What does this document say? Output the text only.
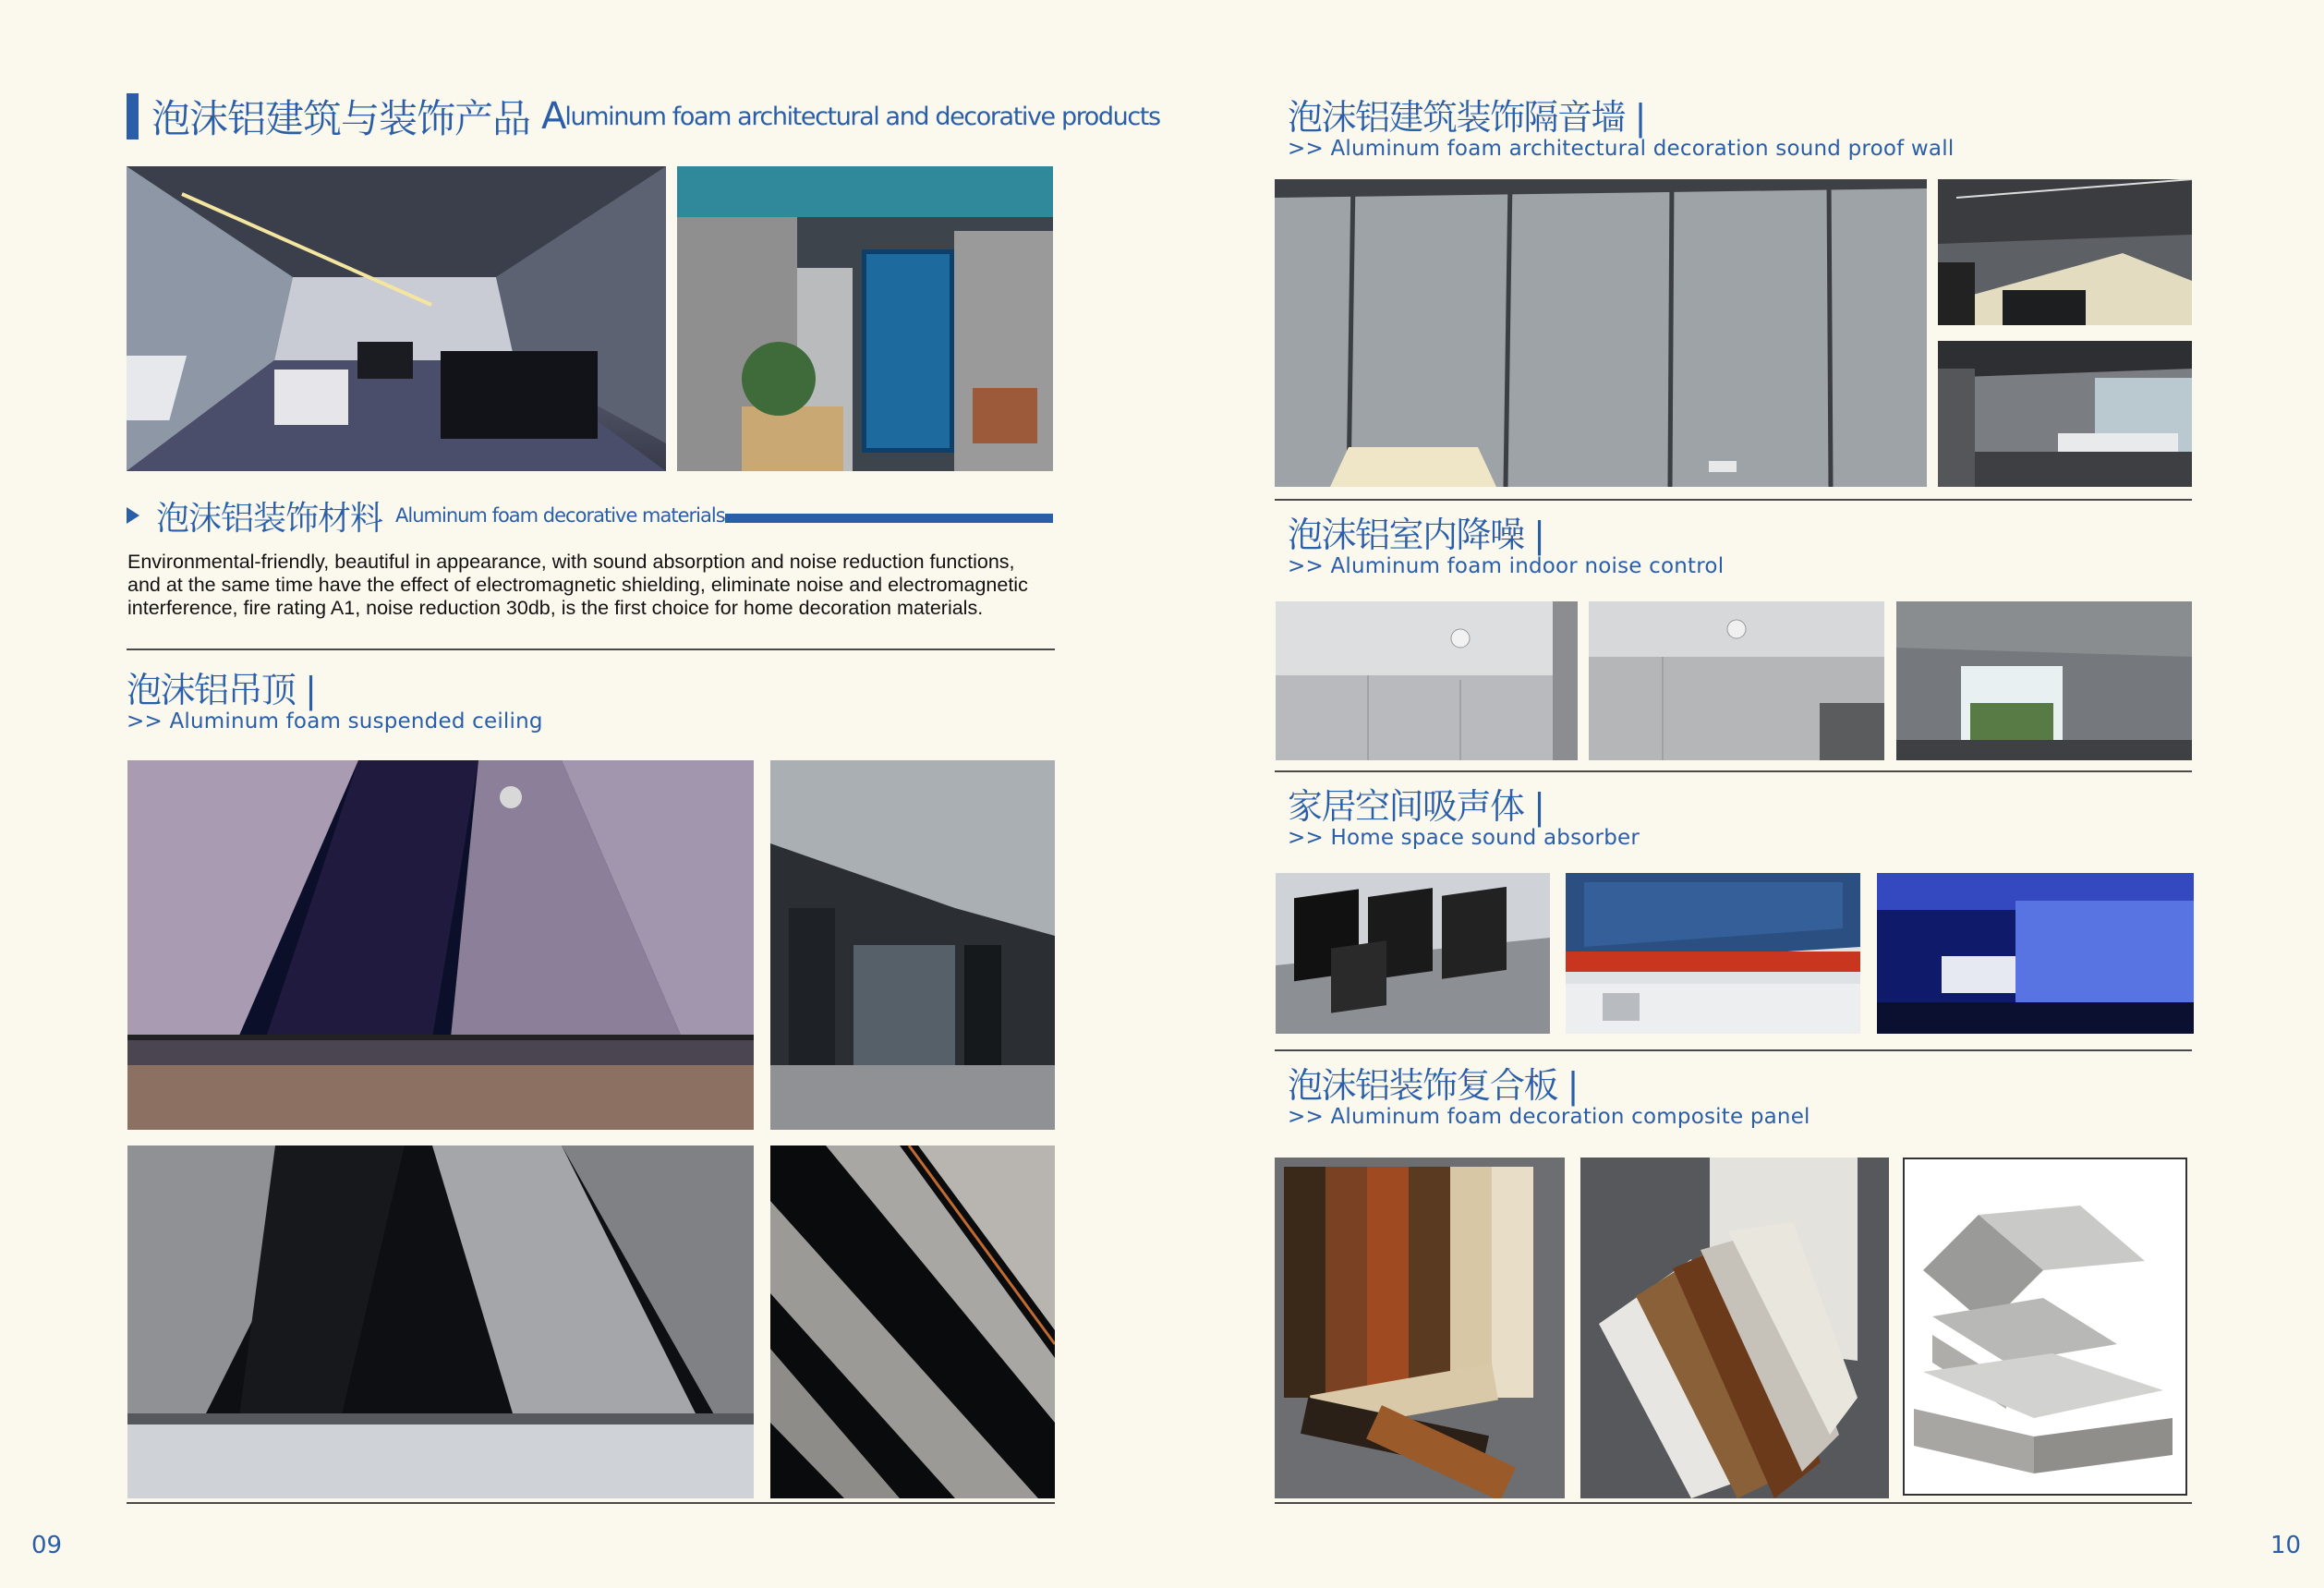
泡沫铝建筑与装饰产品 A luminum foam architectural and decorative products
泡沫铝装饰材料 Aluminum foam decorative materials
Environmental-friendly, beautiful in appearance, with sound absorption and noise reduction functions,
and at the same time have the effect of electromagnetic shielding, eliminate noise and electromagnetic
interference, fire rating A1, noise reduction 30db, is the first choice for home decoration materials.
泡沫铝吊顶 |
>> Aluminum foam suspended ceiling
09
泡沫铝建筑装饰隔音墙 |
>> Aluminum foam architectural decoration sound proof wall
泡沫铝室内降噪 |
>> Aluminum foam indoor noise control
家居空间吸声体 |
>> Home space sound absorber
泡沫铝装饰复合板 |
>> Aluminum foam decoration composite panel
10
